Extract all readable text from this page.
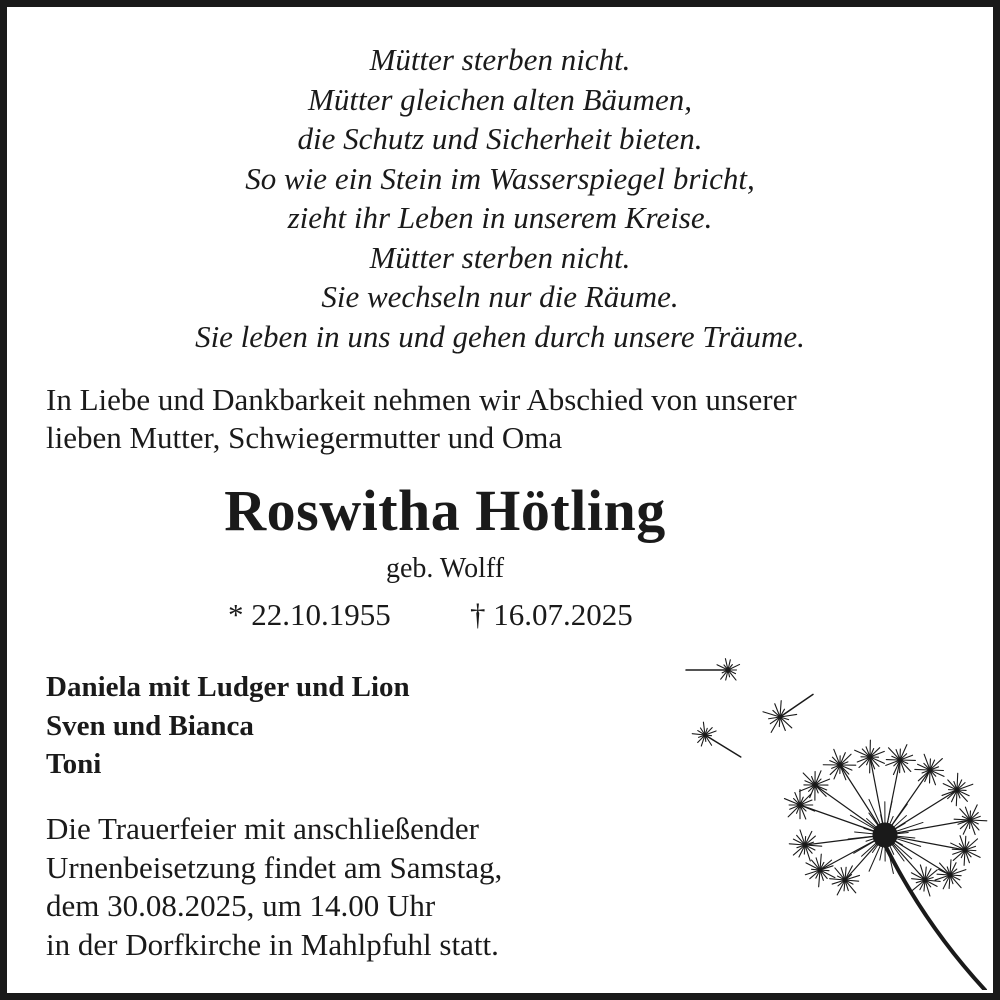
Mütter sterben nicht.
Mütter gleichen alten Bäumen,
die Schutz und Sicherheit bieten.
So wie ein Stein im Wasserspiegel bricht,
zieht ihr Leben in unserem Kreise.
Mütter sterben nicht.
Sie wechseln nur die Räume.
Sie leben in uns und gehen durch unsere Träume.
In Liebe und Dankbarkeit nehmen wir Abschied von unserer
lieben Mutter, Schwiegermutter und Oma
Roswitha Hötling
geb. Wolff
* 22.10.1955	† 16.07.2025
Daniela mit Ludger und Lion
Sven und Bianca
Toni
Die Trauerfeier mit anschließender
Urnenbeisetzung findet am Samstag,
dem 30.08.2025, um 14.00 Uhr
in der Dorfkirche in Mahlpfuhl statt.
